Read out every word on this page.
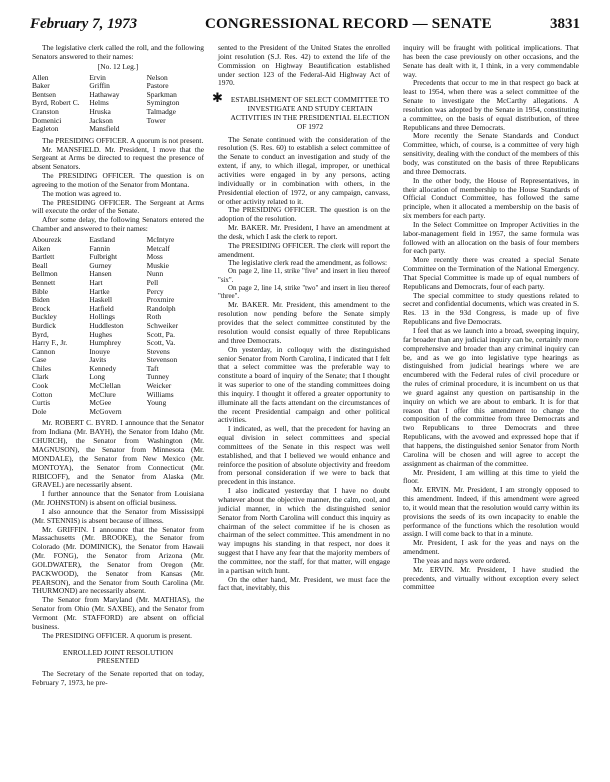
February 7, 1973	CONGRESSIONAL RECORD — SENATE	3831

The legislative clerk called the roll, and the following Senators answered to their names:

[No. 12 Leg.]
Allen	Ervin	Nelson
Baker	Griffin	Pastore
Bentsen	Hathaway	Sparkman
Byrd, Robert C.	Helms	Symington
Cranston	Hruska	Talmadge
Domenici	Jackson	Tower
Eagleton	Mansfield

The PRESIDING OFFICER. A quorum is not present.

Mr. MANSFIELD. Mr. President, I move that the Sergeant at Arms be directed to request the presence of absent Senators.

The PRESIDING OFFICER. The question is on agreeing to the motion of the Senator from Montana.

The motion was agreed to.

The PRESIDING OFFICER. The Sergeant at Arms will execute the order of the Senate.

After some delay, the following Senators entered the Chamber and answered to their names:

Abourezk	Eastland	McIntyre
Aiken	Fannin	Metcalf
Bartlett	Fulbright	Moss
Beall	Gurney	Muskie
Bellmon	Hansen	Nunn
Bennett	Hart	Pell
Bible	Hartke	Percy
Biden	Haskell	Proxmire
Brock	Hatfield	Randolph
Buckley	Hollings	Roth
Burdick	Huddleston	Schweiker
Byrd,	Hughes	Scott, Pa.
Harry F., Jr.	Humphrey	Scott, Va.
Cannon	Inouye	Stevens
Case	Javits	Stevenson
Chiles	Kennedy	Taft
Clark	Long	Tunney
Cook	McClellan	Weicker
Cotton	McClure	Williams
Curtis	McGee	Young
Dole	McGovern

Mr. ROBERT C. BYRD. I announce that the Senator from Indiana (Mr. BAYH), the Senator from Idaho (Mr. CHURCH), the Senator from Washington (Mr. MAGNUSON), the Senator from Minnesota (Mr. MONDALE), the Senator from New Mexico (Mr. MONTOYA), the Senator from Connecticut (Mr. RIBICOFF), and the Senator from Alaska (Mr. GRAVEL) are necessarily absent.

I further announce that the Senator from Louisiana (Mr. JOHNSTON) is absent on official business.

I also announce that the Senator from Mississippi (Mr. STENNIS) is absent because of illness.

Mr. GRIFFIN. I announce that the Senator from Massachusetts (Mr. BROOKE), the Senator from Colorado (Mr. DOMINICK), the Senator from Hawaii (Mr. FONG), the Senator from Arizona (Mr. GOLDWATER), the Senator from Oregon (Mr. PACKWOOD), the Senator from Kansas (Mr. PEARSON), and the Senator from South Carolina (Mr. THURMOND) are necessarily absent.

The Senator from Maryland (Mr. MATHIAS), the Senator from Ohio (Mr. SAXBE), and the Senator from Vermont (Mr. STAFFORD) are absent on official business.

The PRESIDING OFFICER. A quorum is present.

ENROLLED JOINT RESOLUTION
PRESENTED

The Secretary of the Senate reported that on today, February 7, 1973, he pre-

sented to the President of the United States the enrolled joint resolution (S.J. Res. 42) to extend the life of the Commission on Highway Beautification established under section 123 of the Federal-Aid Highway Act of 1970.

✱ ESTABLISHMENT OF SELECT COMMITTEE TO INVESTIGATE AND STUDY CERTAIN ACTIVITIES IN THE PRESIDENTIAL ELECTION OF 1972

The Senate continued with the consideration of the resolution (S. Res. 60) to establish a select committee of the Senate to conduct an investigation and study of the extent, if any, to which illegal, improper, or unethical activities were engaged in by any persons, acting individually or in combination with others, in the Presidential election of 1972, or any campaign, canvass, or other activity related to it.

The PRESIDING OFFICER. The question is on the adoption of the resolution.

Mr. BAKER. Mr. President, I have an amendment at the desk, which I ask the clerk to report.

The PRESIDING OFFICER. The clerk will report the amendment.

The legislative clerk read the amendment, as follows:

On page 2, line 11, strike "five" and insert in lieu thereof "six".

On page 2, line 14, strike "two" and insert in lieu thereof "three".

Mr. BAKER. Mr. President, this amendment to the resolution now pending before the Senate simply provides that the select committee constituted by the resolution would consist equally of three Republicans and three Democrats.

On yesterday, in colloquy with the distinguished senior Senator from North Carolina, I indicated that I felt that a select committee was the preferable way to constitute a board of inquiry of the Senate; that I thought it was superior to one of the standing committees doing this inquiry. I thought it offered a greater opportunity to illuminate all the facts attendant on the circumstances of the recent Presidential campaign and other political activities.

I indicated, as well, that the precedent for having an equal division in select committees and special committees of the Senate in this respect was well established, and that I believed we would enhance and reinforce the position of absolute objectivity and freedom from personal consideration if we were to back that precedent in this instance.

I also indicated yesterday that I have no doubt whatever about the objective manner, the calm, cool, and judicial manner, in which the distinguished senior Senator from North Carolina will conduct this inquiry as chairman of the select committee if he is chosen as chairman of the select committee. This amendment in no way impugns his standing in that respect, nor does it suggest that I have any fear that the majority members of the committee, nor the staff, for that matter, will engage in a partisan witch hunt.

On the other hand, Mr. President, we must face the fact that, inevitably, this

inquiry will be fraught with political implications. That has been the case previously on other occasions, and the Senate has dealt with it, I think, in a very commendable way.

Precedents that occur to me in that respect go back at least to 1954, when there was a select committee of the Senate to investigate the McCarthy allegations. A resolution was adopted by the Senate in 1954, constituting a committee, on the basis of equal distribution, of three Republicans and three Democrats.

More recently the Senate Standards and Conduct Committee, which, of course, is a committee of very high sensitivity, dealing with the conduct of the members of this body, was constituted on the basis of three Republicans and three Democrats.

In the other body, the House of Representatives, in their allocation of membership to the House Standards of Official Conduct Committee, has followed the same principle, when it allocated a membership on the basis of six members for each party.

In the Select Committee on Improper Activities in the labor-management field in 1957, the same formula was followed with an allocation on the basis of four members for each party.

More recently there was created a special Senate Committee on the Termination of the National Emergency. That Special Committee is made up of equal numbers of Republicans and Democrats, four of each party.

The special committee to study questions related to secret and confidential documents, which was created in S. Res. 13 in the 93d Congress, is made up of five Republicans and five Democrats.

I feel that as we launch into a broad, sweeping inquiry, far broader than any judicial inquiry can be, certainly more comprehensive and broader than any criminal inquiry can be, and as we go into legislative type hearings as distinguished from judicial hearings where we are encumbered with the Federal rules of civil procedure or the rules of criminal procedure, it is incumbent on us that we guard against any question on partisanship in the inquiry on which we are about to embark. It is for that reason that I offer this amendment to change the composition of the committee from three Democrats and two Republicans to three Democrats and three Republicans, with the avowed and expressed hope that if that happens, the distinguished senior Senator from North Carolina will be chosen and will agree to accept the assignment as chairman of the committee.

Mr. President, I am willing at this time to yield the floor.

Mr. ERVIN. Mr. President, I am strongly opposed to this amendment. Indeed, if this amendment were agreed to, it would mean that the resolution would carry within its provisions the seeds of its own incapacity to enable the performance of the functions which the resolution would assign. I will come back to that in a minute.

Mr. President, I ask for the yeas and nays on the amendment.

The yeas and nays were ordered.

Mr. ERVIN. Mr. President, I have studied the precedents, and virtually without exception every select committee
